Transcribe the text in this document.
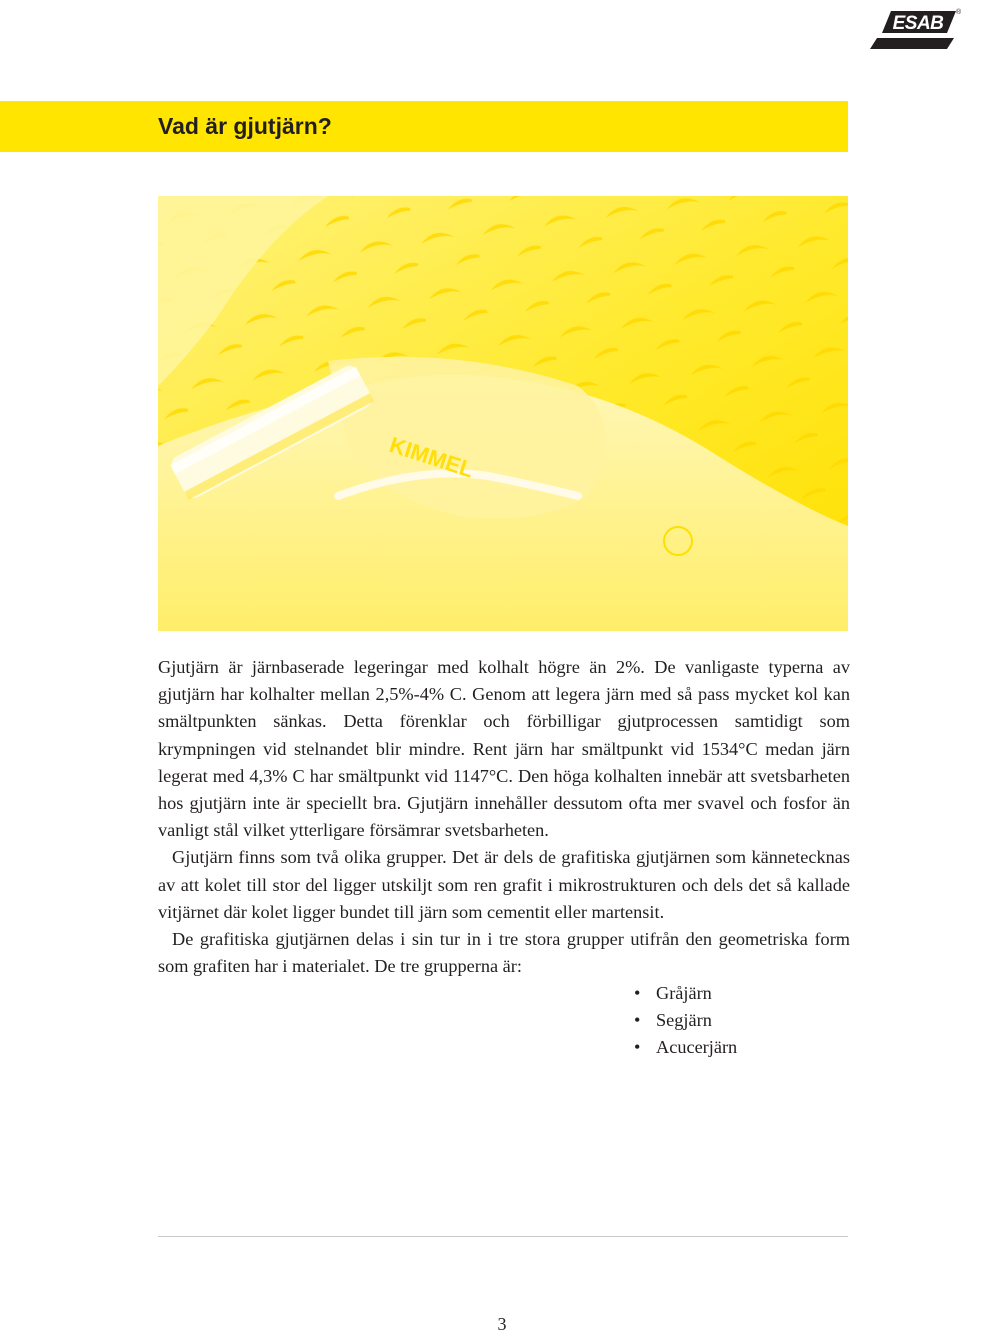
ESAB
®
Vad är gjutjärn?
KIMMEL

Gjutjärn är järnbaserade legeringar med kolhalt högre än 2%. De vanligaste typerna av gjutjärn har kolhalter mellan 2,5%-4% C. Genom att legera järn med så pass mycket kol kan smältpunkten sänkas. Detta förenklar och förbilligar gjutprocessen samtidigt som krympningen vid stelnandet blir mindre. Rent järn har smältpunkt vid 1534°C medan järn legerat med 4,3% C har smältpunkt vid 1147°C. Den höga kolhalten innebär att svetsbarheten hos gjutjärn inte är speciellt bra. Gjutjärn innehåller dessutom ofta mer svavel och fosfor än vanligt stål vilket ytterligare försämrar svetsbarheten.

Gjutjärn finns som två olika grupper. Det är dels de grafitiska gjutjärnen som kännetecknas av att kolet till stor del ligger utskiljt som ren grafit i mikrostrukturen och dels det så kallade vitjärnet där kolet ligger bundet till järn som cementit eller martensit.

De grafitiska gjutjärnen delas i sin tur in i tre stora grupper utifrån den geometriska form som grafiten har i materialet. De tre grupperna är:

• Gråjärn
• Segjärn
• Acucerjärn
3
